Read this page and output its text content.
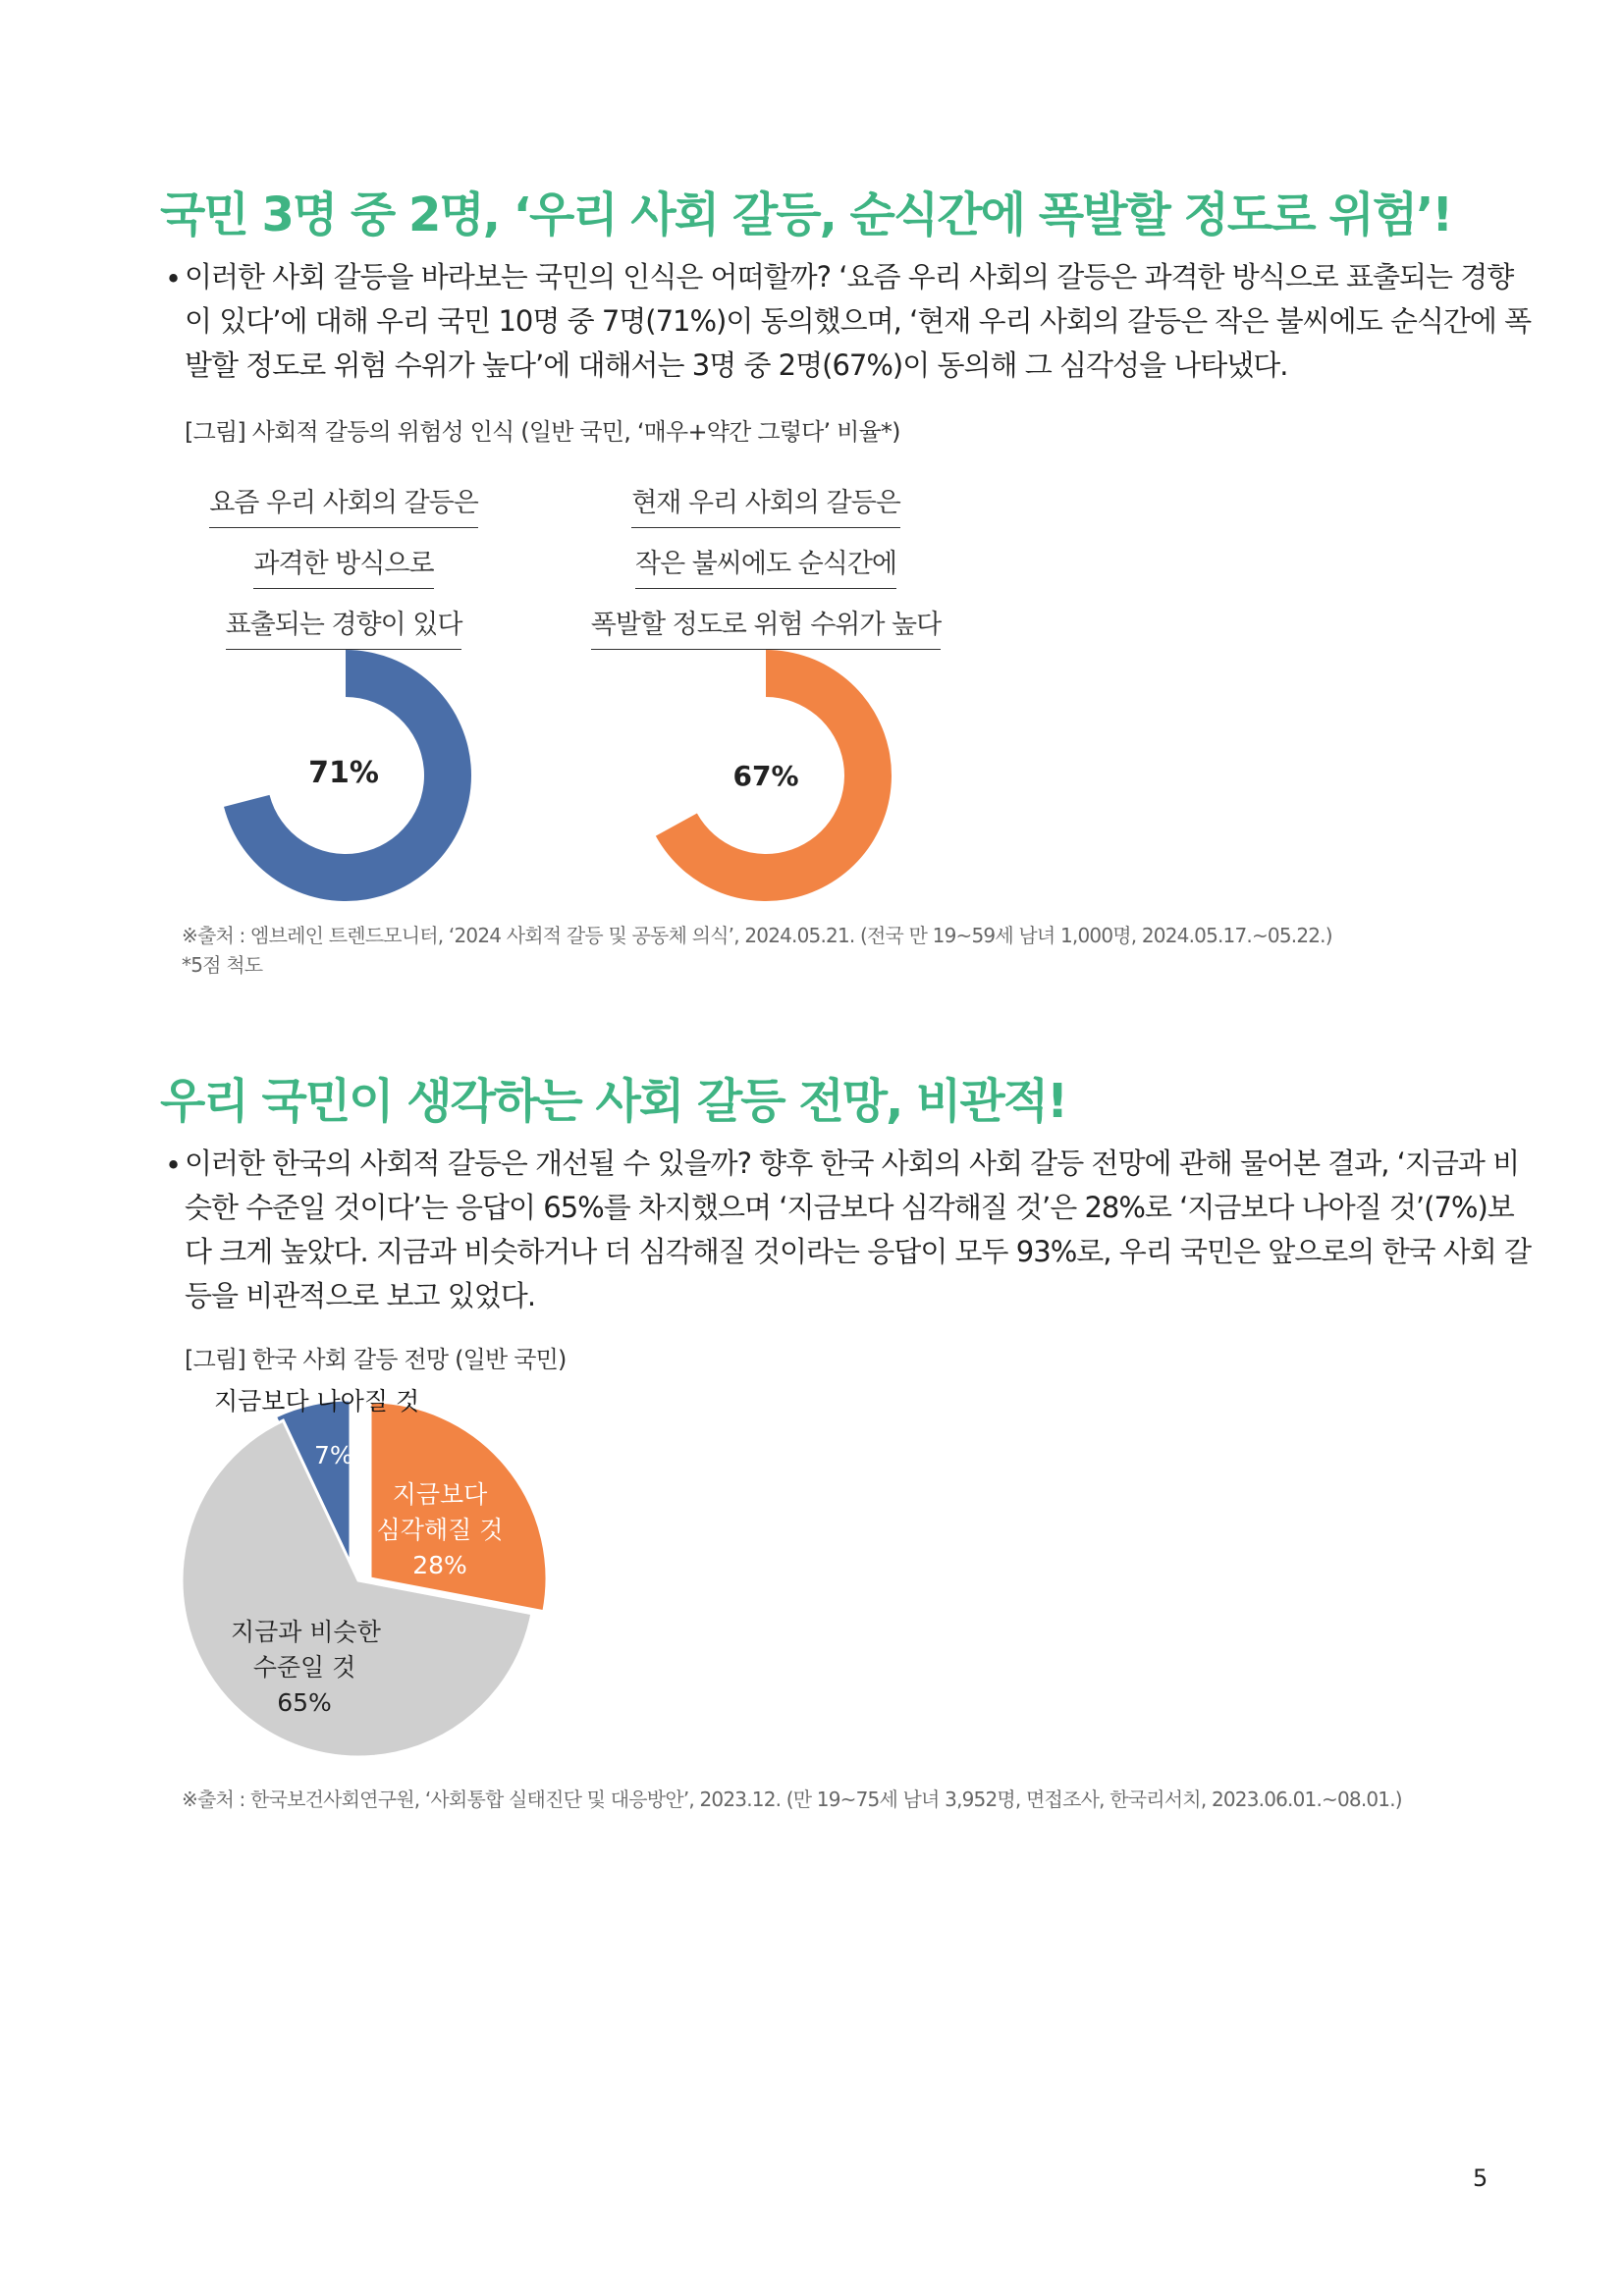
국민 3명 중 2명, ‘우리 사회 갈등, 순식간에 폭발할 정도로 위험’!
• 이러한 사회 갈등을 바라보는 국민의 인식은 어떠할까? ‘요즘 우리 사회의 갈등은 과격한 방식으로 표출되는 경향
이 있다’에 대해 우리 국민 10명 중 7명(71%)이 동의했으며, ‘현재 우리 사회의 갈등은 작은 불씨에도 순식간에 폭
발할 정도로 위험 수위가 높다’에 대해서는 3명 중 2명(67%)이 동의해 그 심각성을 나타냈다.
[그림] 사회적 갈등의 위험성 인식 (일반 국민, ‘매우+약간 그렇다’ 비율*)
요즘 우리 사회의 갈등은
과격한 방식으로
표출되는 경향이 있다
현재 우리 사회의 갈등은
작은 불씨에도 순식간에
폭발할 정도로 위험 수위가 높다
71%	67%
※출처 : 엠브레인 트렌드모니터, ‘2024 사회적 갈등 및 공동체 의식’, 2024.05.21. (전국 만 19~59세 남녀 1,000명, 2024.05.17.~05.22.)
*5점 척도
우리 국민이 생각하는 사회 갈등 전망, 비관적!
• 이러한 한국의 사회적 갈등은 개선될 수 있을까? 향후 한국 사회의 사회 갈등 전망에 관해 물어본 결과, ‘지금과 비
슷한 수준일 것이다’는 응답이 65%를 차지했으며 ‘지금보다 심각해질 것’은 28%로 ‘지금보다 나아질 것’(7%)보
다 크게 높았다. 지금과 비슷하거나 더 심각해질 것이라는 응답이 모두 93%로, 우리 국민은 앞으로의 한국 사회 갈
등을 비관적으로 보고 있었다.
[그림] 한국 사회 갈등 전망 (일반 국민)
지금보다 나아질 것
7%
지금보다
심각해질 것
28%
지금과 비슷한
수준일 것
65%
※출처 : 한국보건사회연구원, ‘사회통합 실태진단 및 대응방안’, 2023.12. (만 19~75세 남녀 3,952명, 면접조사, 한국리서치, 2023.06.01.~08.01.)
5
